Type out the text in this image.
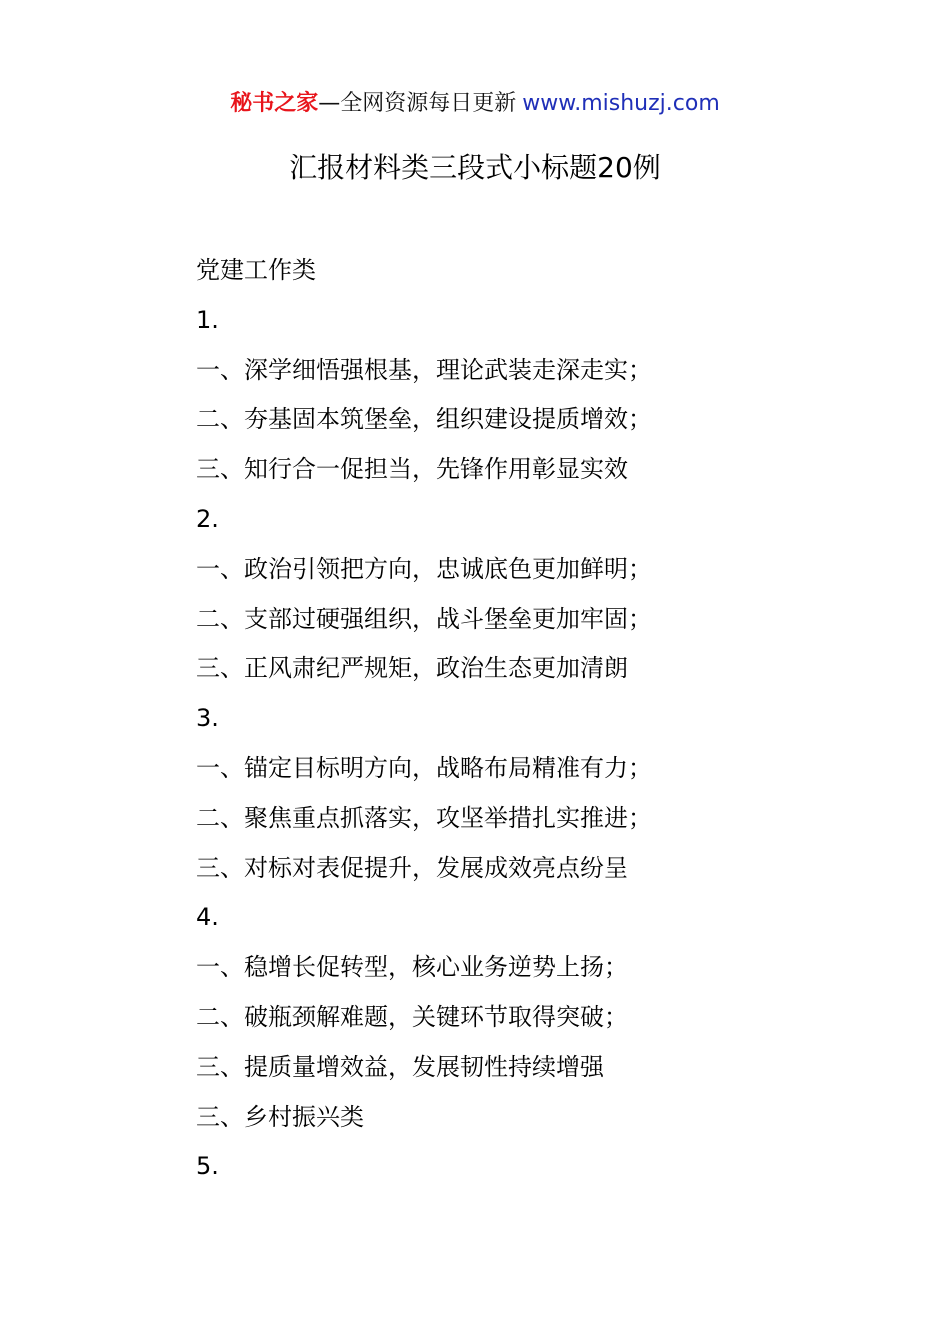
秘书之家—全网资源每日更新 www.mishuzj.com
汇报材料类三段式小标题20例
党建工作类
1.
一、深学细悟强根基，理论武装走深走实；
二、夯基固本筑堡垒，组织建设提质增效；
三、知行合一促担当，先锋作用彰显实效
2.
一、政治引领把方向，忠诚底色更加鲜明；
二、支部过硬强组织，战斗堡垒更加牢固；
三、正风肃纪严规矩，政治生态更加清朗
3.
一、锚定目标明方向，战略布局精准有力；
二、聚焦重点抓落实，攻坚举措扎实推进；
三、对标对表促提升，发展成效亮点纷呈
4.
一、稳增长促转型，核心业务逆势上扬；
二、破瓶颈解难题，关键环节取得突破；
三、提质量增效益，发展韧性持续增强
三、乡村振兴类
5.
